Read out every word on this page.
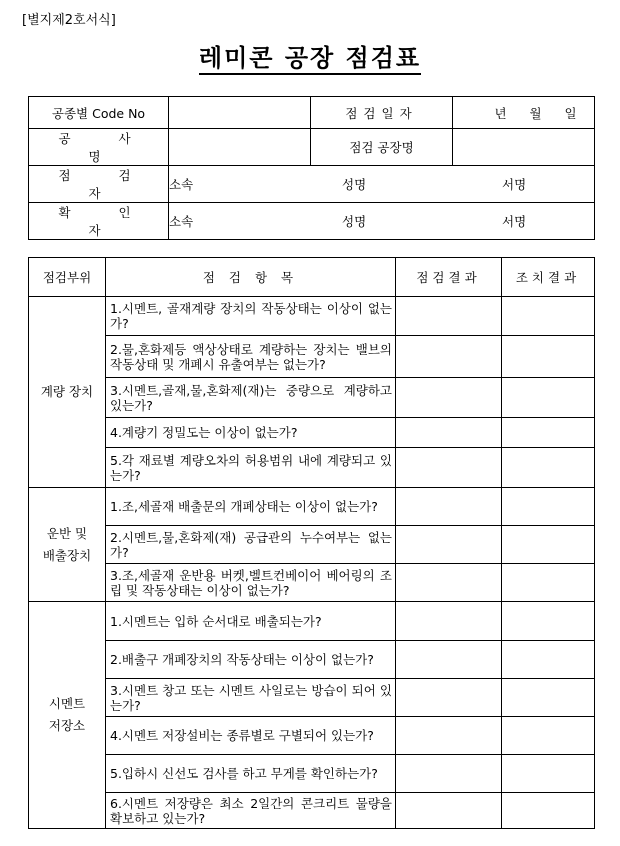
[별지제2호서식]
레미콘 공장 점검표
공종별 Code No		점검일자	년 월 일

공 사 명		점검 공장명	
점 검 자	소속 성명 서명		

확 인 자	소속 성명 서명		
점검부위	점 검 항 목	점검결과	조치결과

계량 장치	1.시멘트, 골재계량 장치의 작동상태는 이상이 없는가?		
	2.물,혼화제등 액상상태로 계량하는 장치는 밸브의 작동상태 및 개폐시 유출여부는 없는가?		
	3.시멘트,골재,물,혼화제(재)는 중량으로 계량하고 있는가?		
	4.계량기 정밀도는 이상이 없는가?		
	5.각 재료별 계량오차의 허용범위 내에 계량되고 있는가?		

운반 및
배출장치	1.조,세골재 배출문의 개폐상태는 이상이 없는가?		
	2.시멘트,물,혼화제(재) 공급관의 누수여부는 없는가?		
	3.조,세골재 운반용 버켓,벨트컨베이어 베어링의 조립 및 작동상태는 이상이 없는가?		

시멘트
저장소	1.시멘트는 입하 순서대로 배출되는가?		
	2.배출구 개폐장치의 작동상태는 이상이 없는가?		
	3.시멘트 창고 또는 시멘트 사일로는 방습이 되어 있는가?		
	4.시멘트 저장설비는 종류별로 구별되어 있는가?		
	5.입하시 신선도 검사를 하고 무게를 확인하는가?		
	6.시멘트 저장량은 최소 2일간의 콘크리트 물량을 확보하고 있는가?		
